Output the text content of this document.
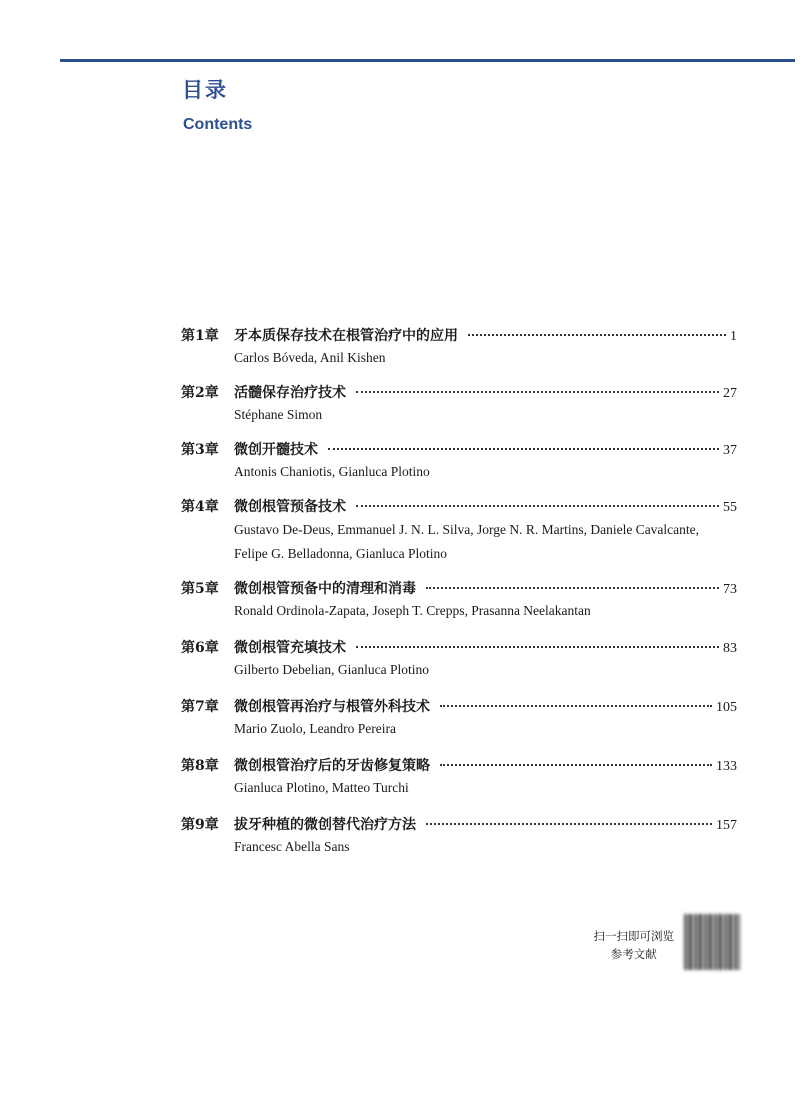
目录
Contents
第1章	牙本质保存技术在根管治疗中的应用	1
Carlos Bóveda, Anil Kishen
第2章	活髓保存治疗技术	27
Stéphane Simon
第3章	微创开髓技术	37
Antonis Chaniotis, Gianluca Plotino
第4章	微创根管预备技术	55
Gustavo De-Deus, Emmanuel J. N. L. Silva, Jorge N. R. Martins, Daniele Cavalcante,
Felipe G. Belladonna, Gianluca Plotino
第5章	微创根管预备中的清理和消毒	73
Ronald Ordinola-Zapata, Joseph T. Crepps, Prasanna Neelakantan
第6章	微创根管充填技术	83
Gilberto Debelian, Gianluca Plotino
第7章	微创根管再治疗与根管外科技术	105
Mario Zuolo, Leandro Pereira
第8章	微创根管治疗后的牙齿修复策略	133
Gianluca Plotino, Matteo Turchi
第9章	拔牙种植的微创替代治疗方法	157
Francesc Abella Sans
扫一扫即可浏览
参考文献
